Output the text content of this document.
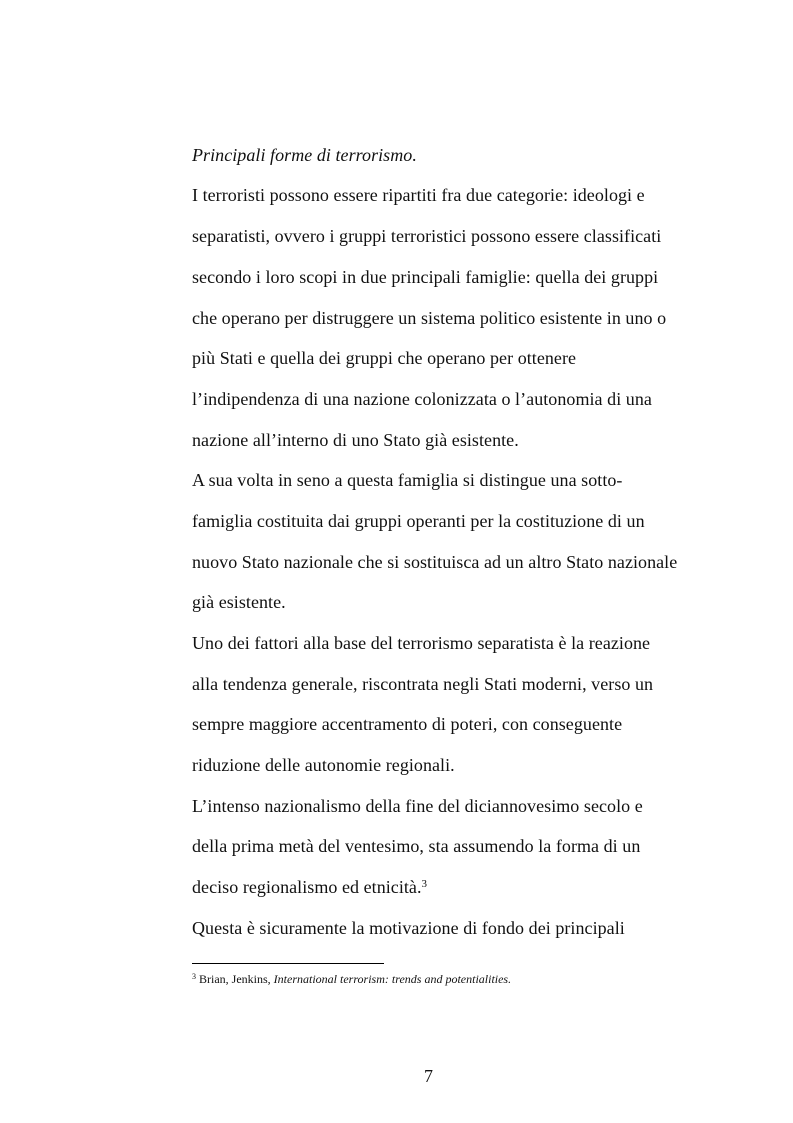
Principali forme di terrorismo.
I terroristi possono essere ripartiti fra due categorie: ideologi e
separatisti, ovvero i gruppi terroristici possono essere classificati
secondo i loro scopi in due principali famiglie: quella dei gruppi
che operano per distruggere un sistema politico esistente in uno o
più Stati e quella dei gruppi che operano per ottenere
l’indipendenza di una nazione colonizzata o l’autonomia di una
nazione all’interno di uno Stato già esistente.
A sua volta in seno a questa famiglia si distingue una sotto-
famiglia costituita dai gruppi operanti per la costituzione di un
nuovo Stato nazionale che si sostituisca ad un altro Stato nazionale
già esistente.
Uno dei fattori alla base del terrorismo separatista è la reazione
alla tendenza generale, riscontrata negli Stati moderni, verso un
sempre maggiore accentramento di poteri, con conseguente
riduzione delle autonomie regionali.
L’intenso nazionalismo della fine del diciannovesimo secolo e
della prima metà del ventesimo, sta assumendo la forma di un
deciso regionalismo ed etnicità.$^3$
Questa è sicuramente la motivazione di fondo dei principali
$^3$ Brian, Jenkins, International terrorism: trends and potentialities.
7
